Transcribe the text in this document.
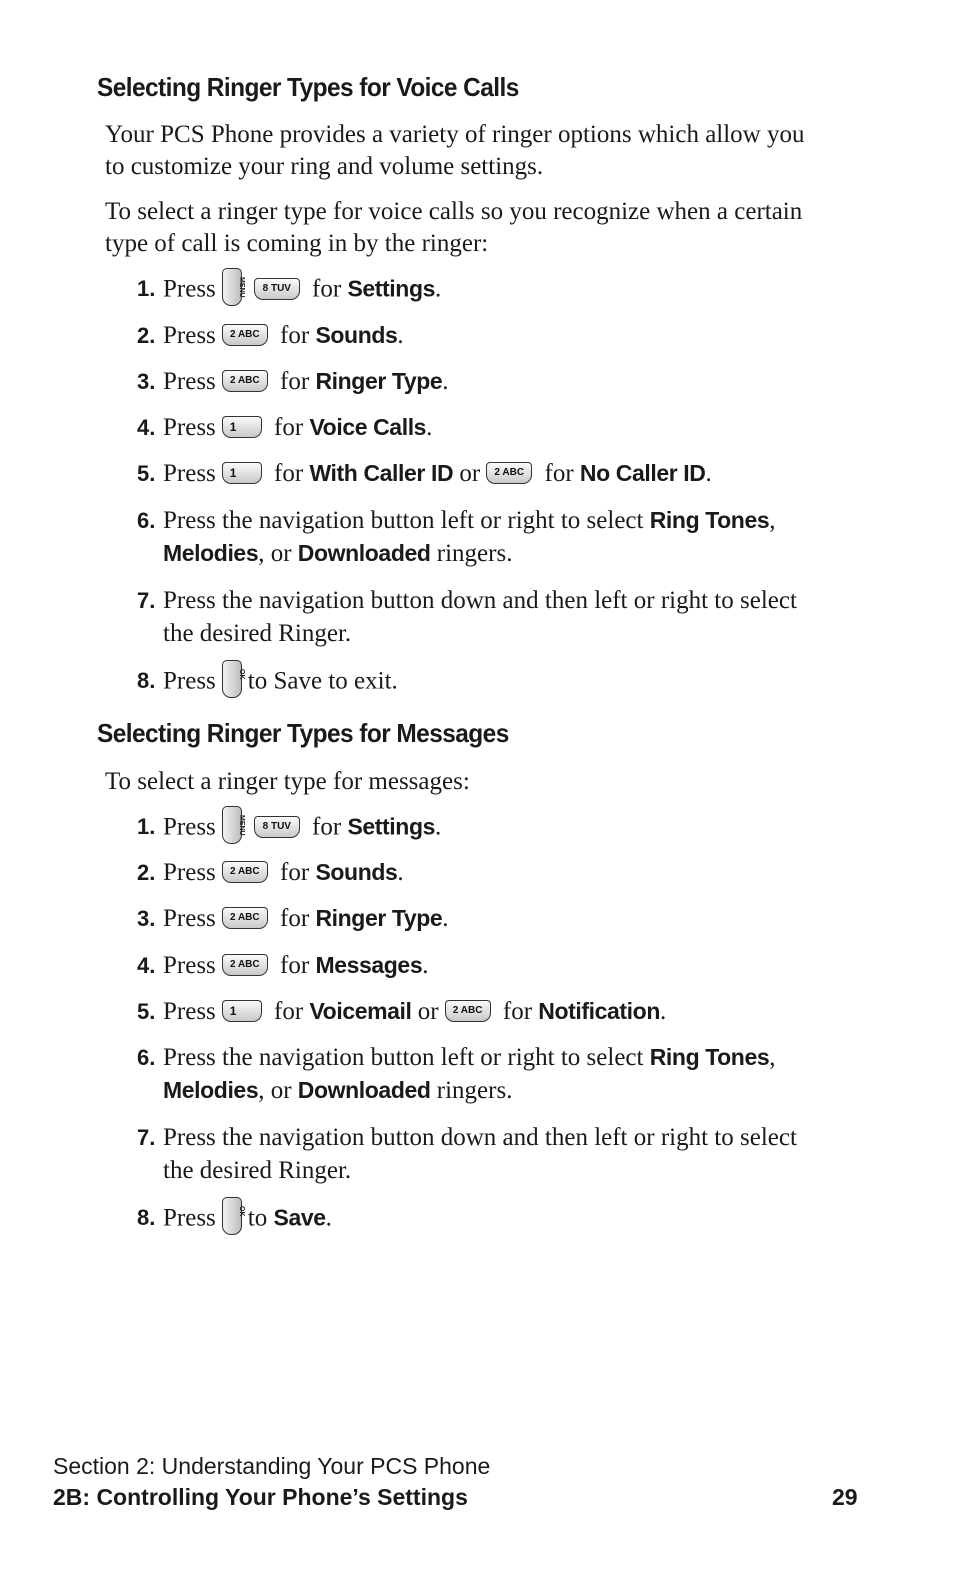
Selecting Ringer Types for Voice Calls

Your PCS Phone provides a variety of ringer options which allow you to customize your ring and volume settings.

To select a ringer type for voice calls so you recognize when a certain type of call is coming in by the ringer:

1. Press	MENU	8 TUV for Settings.
2. Press 2 ABC for Sounds.
3. Press 2 ABC for Ringer Type.
4. Press 1 for Voice Calls.
5. Press 1 for With Caller ID or 2 ABC for No Caller ID.
6. Press the navigation button left or right to select Ring Tones, Melodies, or Downloaded ringers.
7. Press the navigation button down and then left or right to select the desired Ringer.
8. Press	OK to Save to exit.
Selecting Ringer Types for Messages

To select a ringer type for messages:

1. Press	MENU	8 TUV for Settings.
2. Press 2 ABC for Sounds.
3. Press 2 ABC for Ringer Type.
4. Press 2 ABC for Messages.
5. Press 1 for Voicemail or 2 ABC for Notification.
6. Press the navigation button left or right to select Ring Tones, Melodies, or Downloaded ringers.
7. Press the navigation button down and then left or right to select the desired Ringer.
8. Press	OK to Save.
Section 2: Understanding Your PCS Phone
2B: Controlling Your Phone’s Settings	29
